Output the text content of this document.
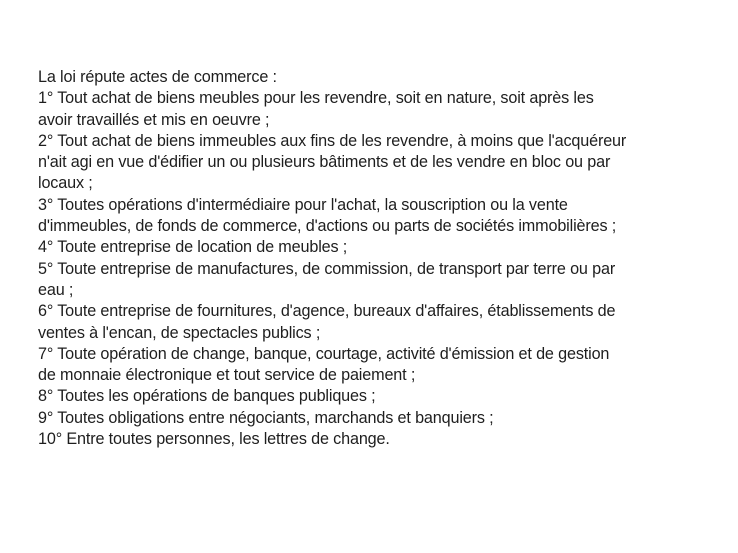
La loi répute actes de commerce :
1° Tout achat de biens meubles pour les revendre, soit en nature, soit après les
avoir travaillés et mis en oeuvre ;
2° Tout achat de biens immeubles aux fins de les revendre, à moins que l'acquéreur
n'ait agi en vue d'édifier un ou plusieurs bâtiments et de les vendre en bloc ou par
locaux ;
3° Toutes opérations d'intermédiaire pour l'achat, la souscription ou la vente
d'immeubles, de fonds de commerce, d'actions ou parts de sociétés immobilières ;
4° Toute entreprise de location de meubles ;
5° Toute entreprise de manufactures, de commission, de transport par terre ou par
eau ;
6° Toute entreprise de fournitures, d'agence, bureaux d'affaires, établissements de
ventes à l'encan, de spectacles publics ;
7° Toute opération de change, banque, courtage, activité d'émission et de gestion
de monnaie électronique et tout service de paiement ;
8° Toutes les opérations de banques publiques ;
9° Toutes obligations entre négociants, marchands et banquiers ;
10° Entre toutes personnes, les lettres de change.
